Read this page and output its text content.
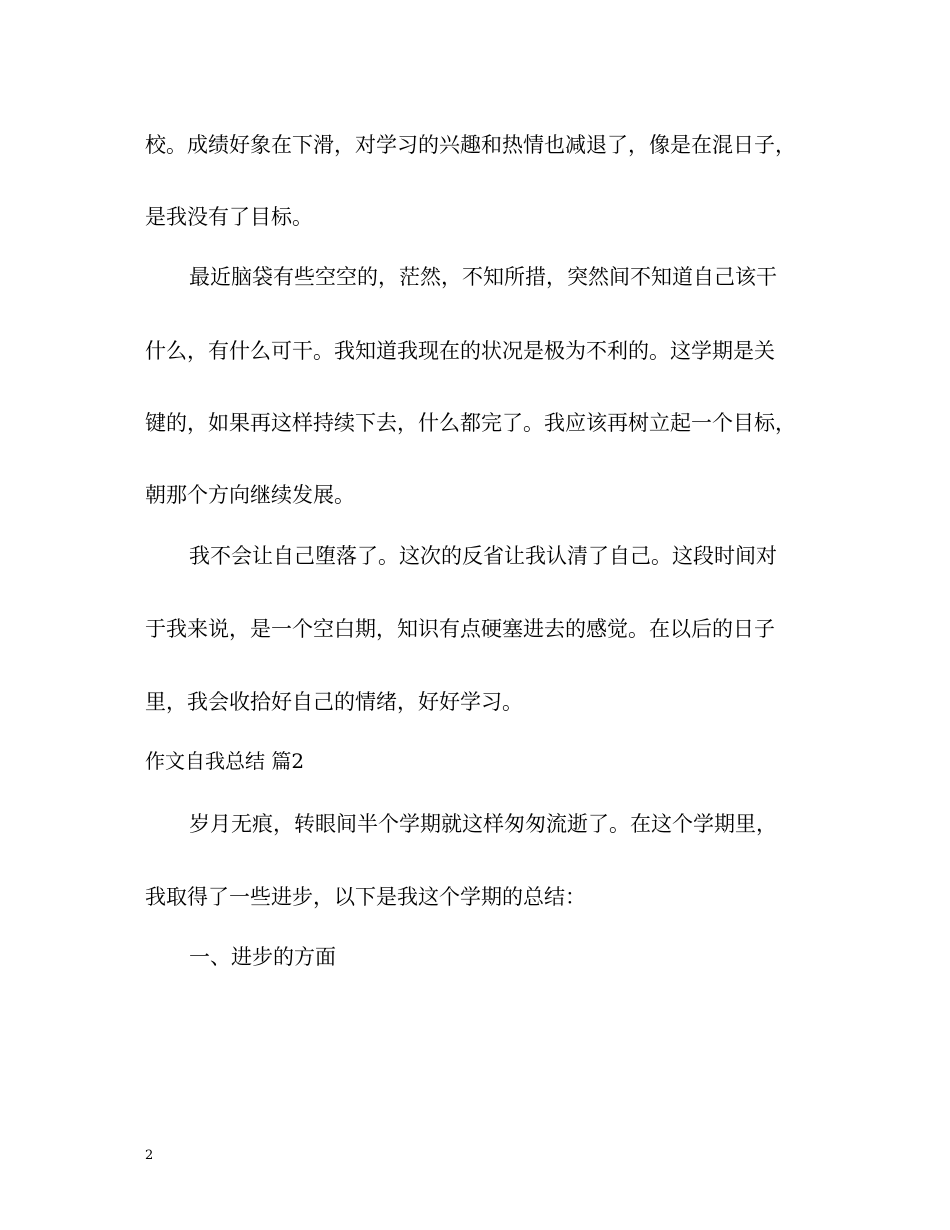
校。成绩好象在下滑，对学习的兴趣和热情也减退了，像是在混日子，

是我没有了目标。

最近脑袋有些空空的，茫然，不知所措，突然间不知道自己该干

什么，有什么可干。我知道我现在的状况是极为不利的。这学期是关

键的，如果再这样持续下去，什么都完了。我应该再树立起一个目标，

朝那个方向继续发展。

我不会让自己堕落了。这次的反省让我认清了自己。这段时间对

于我来说，是一个空白期，知识有点硬塞进去的感觉。在以后的日子

里，我会收拾好自己的情绪，好好学习。

作文自我总结 篇2

岁月无痕，转眼间半个学期就这样匆匆流逝了。在这个学期里，

我取得了一些进步，以下是我这个学期的总结：

一、进步的方面

2
